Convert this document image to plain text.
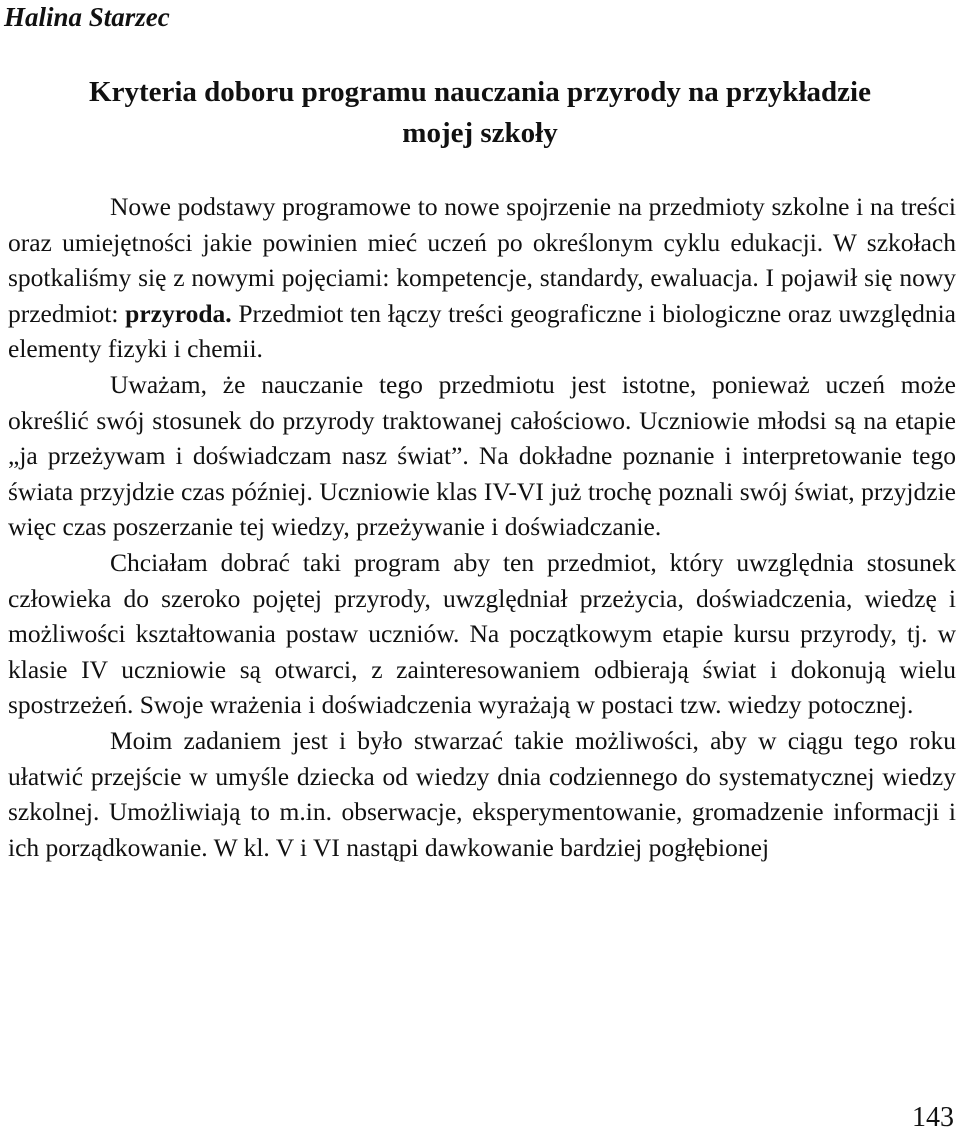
Halina Starzec
Kryteria doboru programu nauczania przyrody na przykładzie
mojej szkoły

Nowe podstawy programowe to nowe spojrzenie na przedmioty szkolne i na treści oraz umiejętności jakie powinien mieć uczeń po określonym cyklu edukacji. W szkołach spotkaliśmy się z nowymi pojęciami: kompetencje, standardy, ewaluacja. I pojawił się nowy przedmiot: przyroda. Przedmiot ten łączy treści geograficzne i biologiczne oraz uwzględnia elementy fizyki i chemii.

Uważam, że nauczanie tego przedmiotu jest istotne, ponieważ uczeń może określić swój stosunek do przyrody traktowanej całościowo. Uczniowie młodsi są na etapie „ja przeżywam i doświadczam nasz świat”. Na dokładne poznanie i interpretowanie tego świata przyjdzie czas później. Uczniowie klas IV-VI już trochę poznali swój świat, przyjdzie więc czas poszerzanie tej wiedzy, przeżywanie i doświadczanie.

Chciałam dobrać taki program aby ten przedmiot, który uwzględnia stosunek człowieka do szeroko pojętej przyrody, uwzględniał przeżycia, doświadczenia, wiedzę i możliwości kształtowania postaw uczniów. Na początkowym etapie kursu przyrody, tj. w klasie IV uczniowie są otwarci, z zainteresowaniem odbierają świat i dokonują wielu spostrzeżeń. Swoje wrażenia i doświadczenia wyrażają w postaci tzw. wiedzy potocznej.

Moim zadaniem jest i było stwarzać takie możliwości, aby w ciągu tego roku ułatwić przejście w umyśle dziecka od wiedzy dnia codziennego do systematycznej wiedzy szkolnej. Umożliwiają to m.in. obserwacje, eksperymentowanie, gromadzenie informacji i ich porządkowanie. W kl. V i VI nastąpi dawkowanie bardziej pogłębionej

143
